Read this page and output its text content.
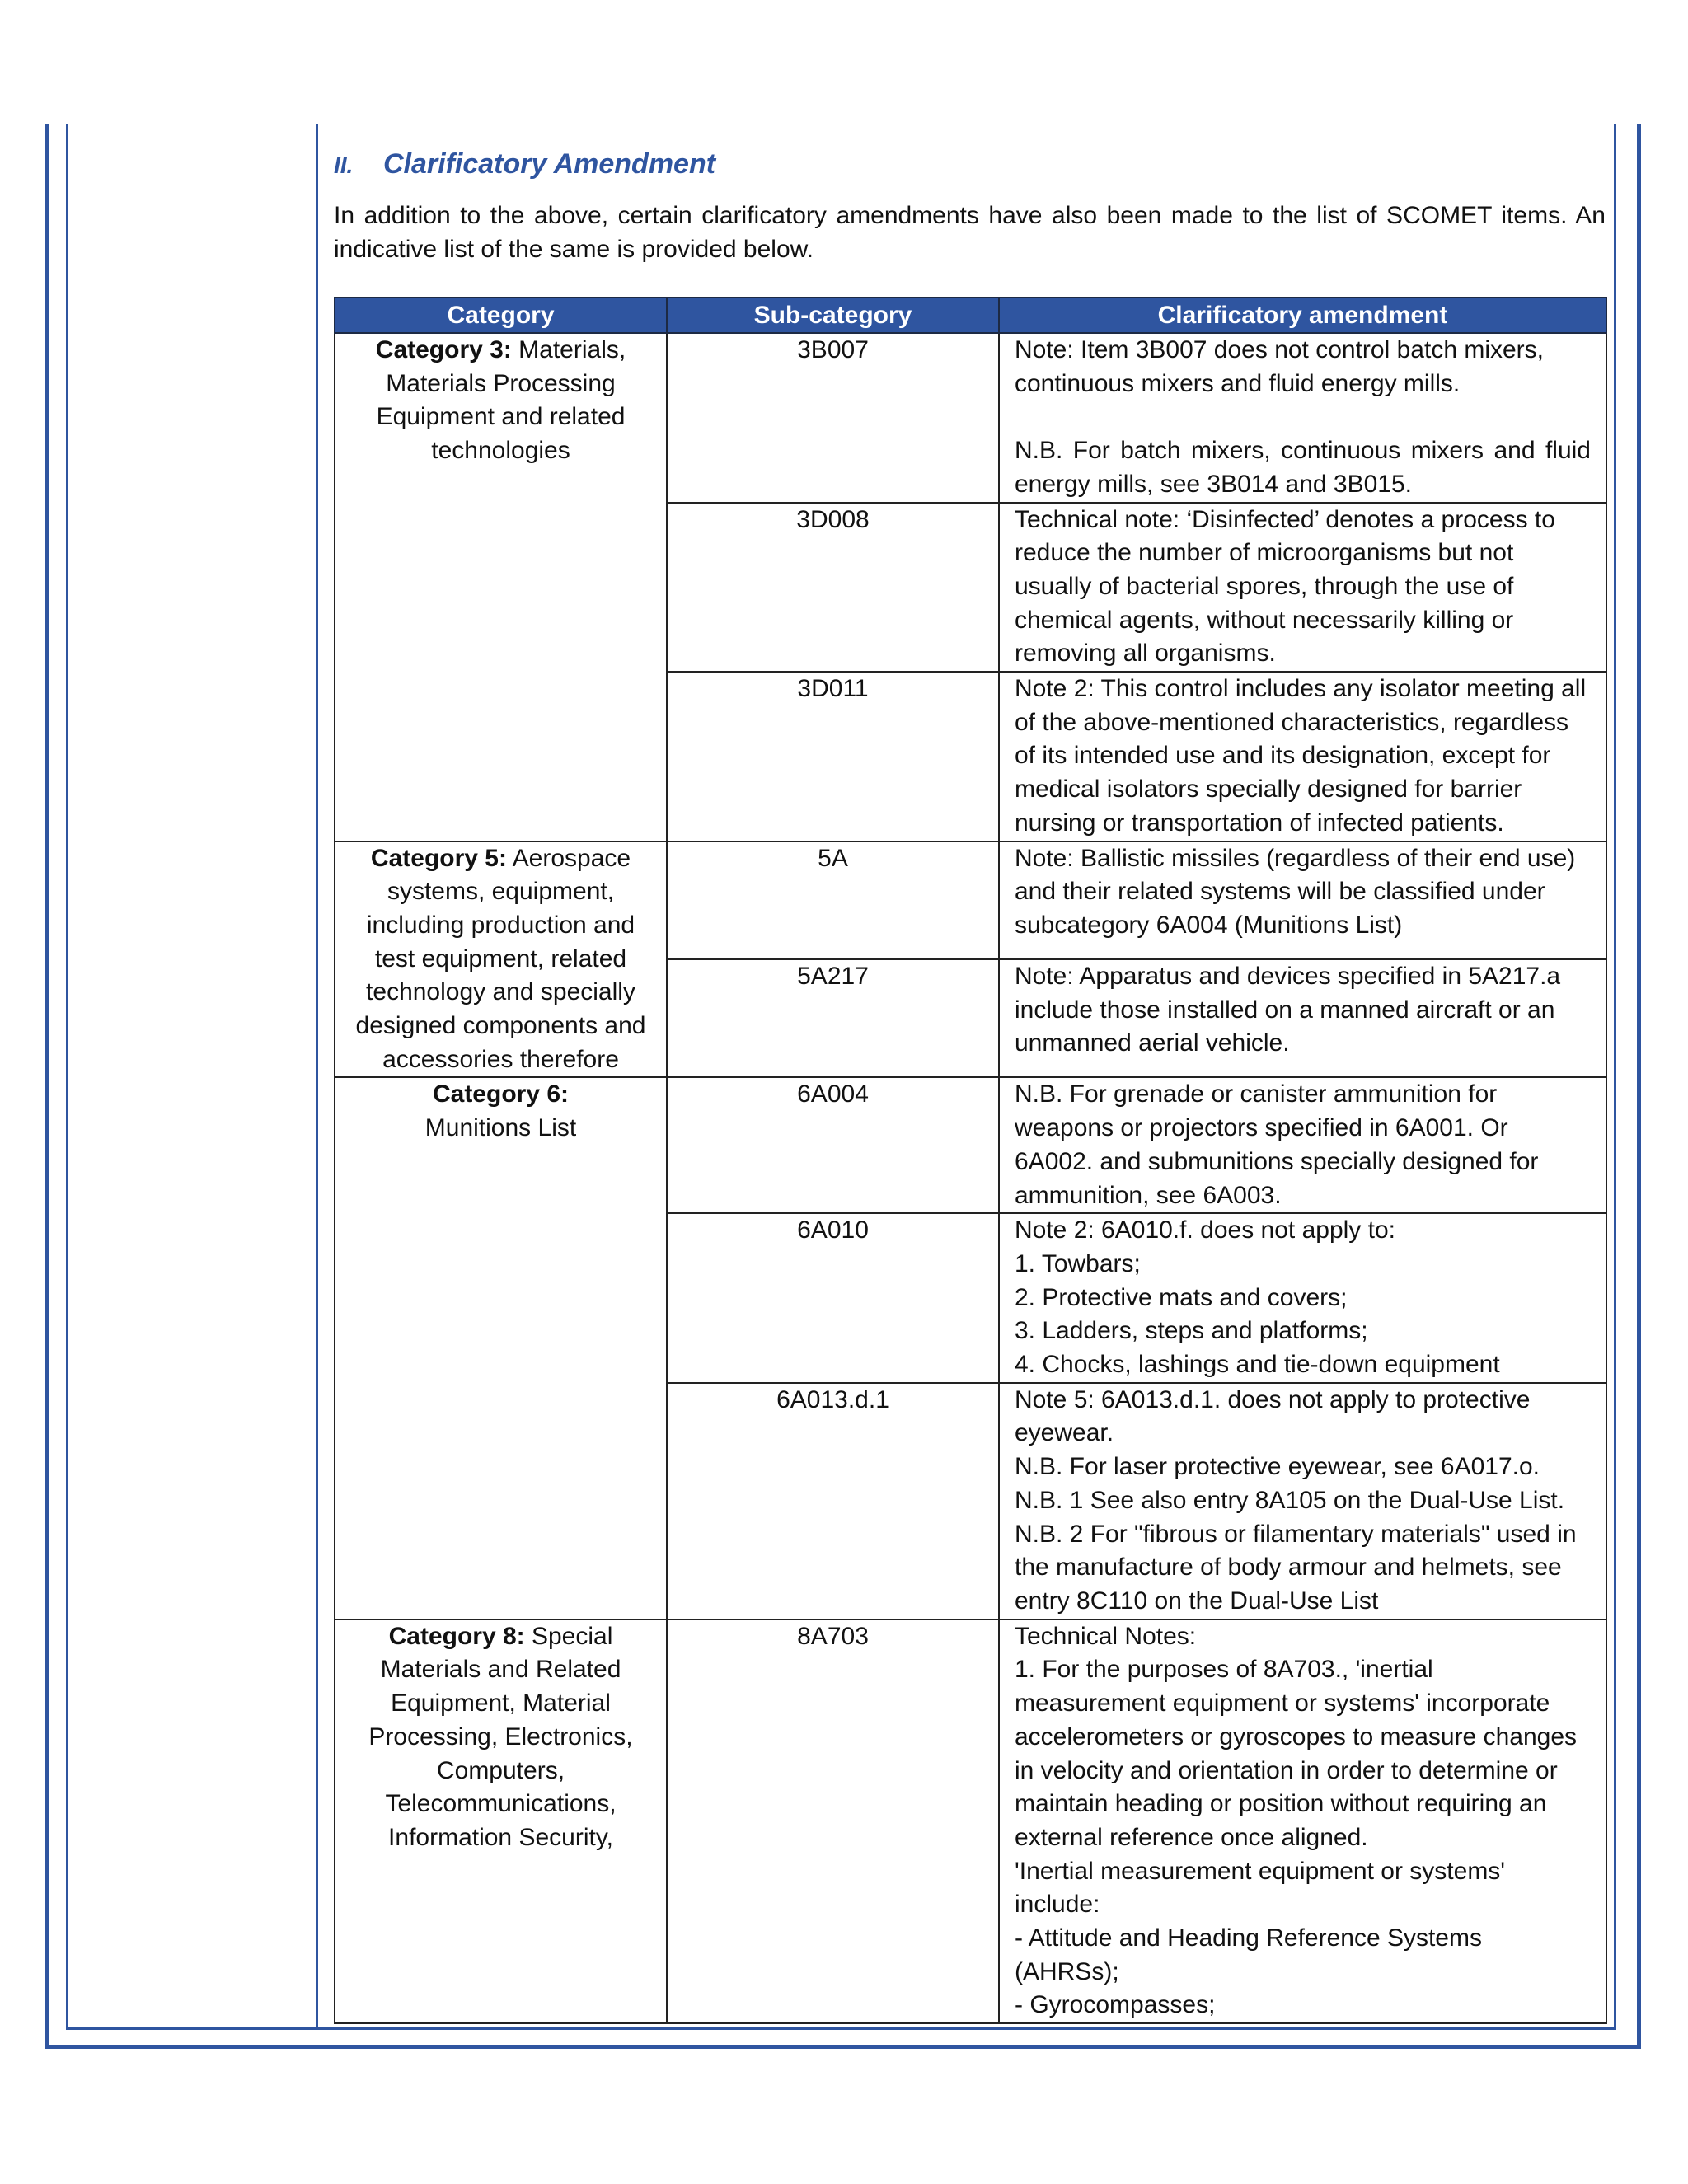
II.	Clarificatory Amendment

In addition to the above, certain clarificatory amendments have also been made to the list of SCOMET items. An indicative list of the same is provided below.

Category	Sub-category	Clarificatory amendment
Category 3: Materials, Materials Processing Equipment and related technologies	3B007	Note: Item 3B007 does not control batch mixers, continuous mixers and fluid energy mills.

N.B. For batch mixers, continuous mixers and fluid energy mills, see 3B014 and 3B015.

	3D008	Technical note: ‘Disinfected’ denotes a process to reduce the number of microorganisms but not usually of bacterial spores, through the use of chemical agents, without necessarily killing or removing all organisms.

	3D011	Note 2: This control includes any isolator meeting all of the above-mentioned characteristics, regardless of its intended use and its designation, except for medical isolators specially designed for barrier nursing or transportation of infected patients.

Category 5: Aerospace systems, equipment, including production and test equipment, related technology and specially designed components and accessories therefore	5A	Note: Ballistic missiles (regardless of their end use) and their related systems will be classified under subcategory 6A004 (Munitions List)

	5A217	Note: Apparatus and devices specified in 5A217.a include those installed on a manned aircraft or an unmanned aerial vehicle.

Category 6:
Munitions List	6A004	N.B. For grenade or canister ammunition for weapons or projectors specified in 6A001. Or 6A002. and submunitions specially designed for ammunition, see 6A003.

	6A010	Note 2: 6A010.f. does not apply to:
1. Towbars;
2. Protective mats and covers;
3. Ladders, steps and platforms;
4. Chocks, lashings and tie-down equipment

	6A013.d.1	Note 5: 6A013.d.1. does not apply to protective eyewear.
N.B. For laser protective eyewear, see 6A017.o.
N.B. 1 See also entry 8A105 on the Dual-Use List.
N.B. 2 For "fibrous or filamentary materials" used in the manufacture of body armour and helmets, see entry 8C110 on the Dual-Use List

Category 8: Special Materials and Related Equipment, Material Processing, Electronics, Computers, Telecommunications, Information Security,	8A703	Technical Notes:
1. For the purposes of 8A703., 'inertial measurement equipment or systems' incorporate accelerometers or gyroscopes to measure changes in velocity and orientation in order to determine or maintain heading or position without requiring an external reference once aligned.
'Inertial measurement equipment or systems' include:
- Attitude and Heading Reference Systems (AHRSs);
- Gyrocompasses;
